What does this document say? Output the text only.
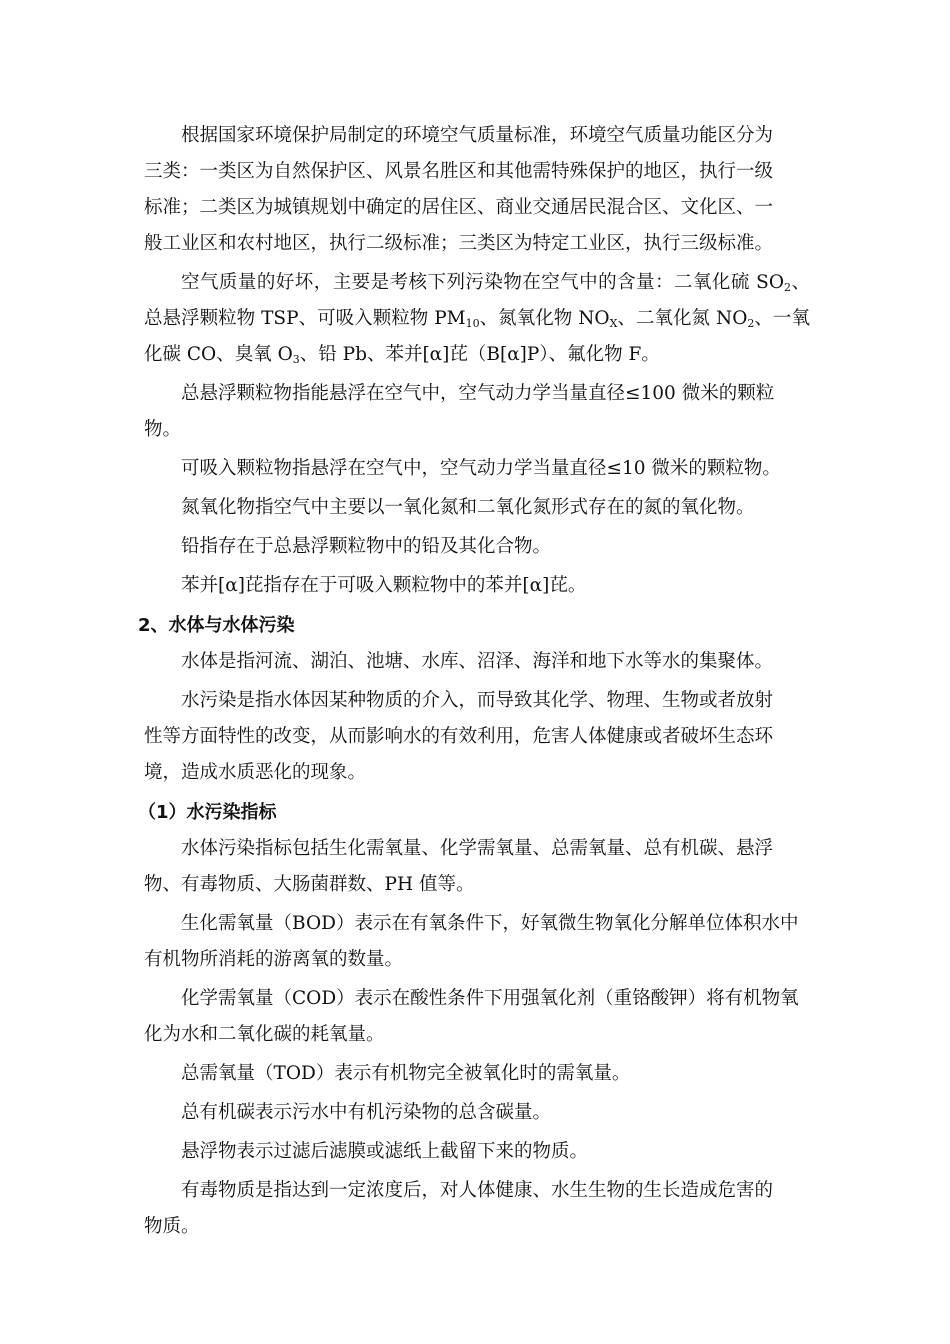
根据国家环境保护局制定的环境空气质量标准，环境空气质量功能区分为
三类：一类区为自然保护区、风景名胜区和其他需特殊保护的地区，执行一级
标准；二类区为城镇规划中确定的居住区、商业交通居民混合区、文化区、一
般工业区和农村地区，执行二级标准；三类区为特定工业区，执行三级标准。

空气质量的好坏，主要是考核下列污染物在空气中的含量：二氧化硫 $SO_2$、总悬浮颗粒物 TSP、可吸入颗粒物 $PM_{10}$、氮氧化物 $NO_X$、二氧化氮 $NO_2$、一氧化碳 CO、臭氧 $O_3$、铅 Pb、苯并[α]芘（B[α]P）、氟化物 F。

总悬浮颗粒物指能悬浮在空气中，空气动力学当量直径≤100 微米的颗粒
物。

可吸入颗粒物指悬浮在空气中，空气动力学当量直径≤10 微米的颗粒物。

氮氧化物指空气中主要以一氧化氮和二氧化氮形式存在的氮的氧化物。

铅指存在于总悬浮颗粒物中的铅及其化合物。

苯并[α]芘指存在于可吸入颗粒物中的苯并[α]芘。

2、水体与水体污染

水体是指河流、湖泊、池塘、水库、沼泽、海洋和地下水等水的集聚体。

水污染是指水体因某种物质的介入，而导致其化学、物理、生物或者放射
性等方面特性的改变，从而影响水的有效利用，危害人体健康或者破坏生态环
境，造成水质恶化的现象。

（1）水污染指标

水体污染指标包括生化需氧量、化学需氧量、总需氧量、总有机碳、悬浮
物、有毒物质、大肠菌群数、PH 值等。

生化需氧量（BOD）表示在有氧条件下，好氧微生物氧化分解单位体积水中
有机物所消耗的游离氧的数量。

化学需氧量（COD）表示在酸性条件下用强氧化剂（重铬酸钾）将有机物氧
化为水和二氧化碳的耗氧量。

总需氧量（TOD）表示有机物完全被氧化时的需氧量。

总有机碳表示污水中有机污染物的总含碳量。

悬浮物表示过滤后滤膜或滤纸上截留下来的物质。

有毒物质是指达到一定浓度后，对人体健康、水生生物的生长造成危害的
物质。
